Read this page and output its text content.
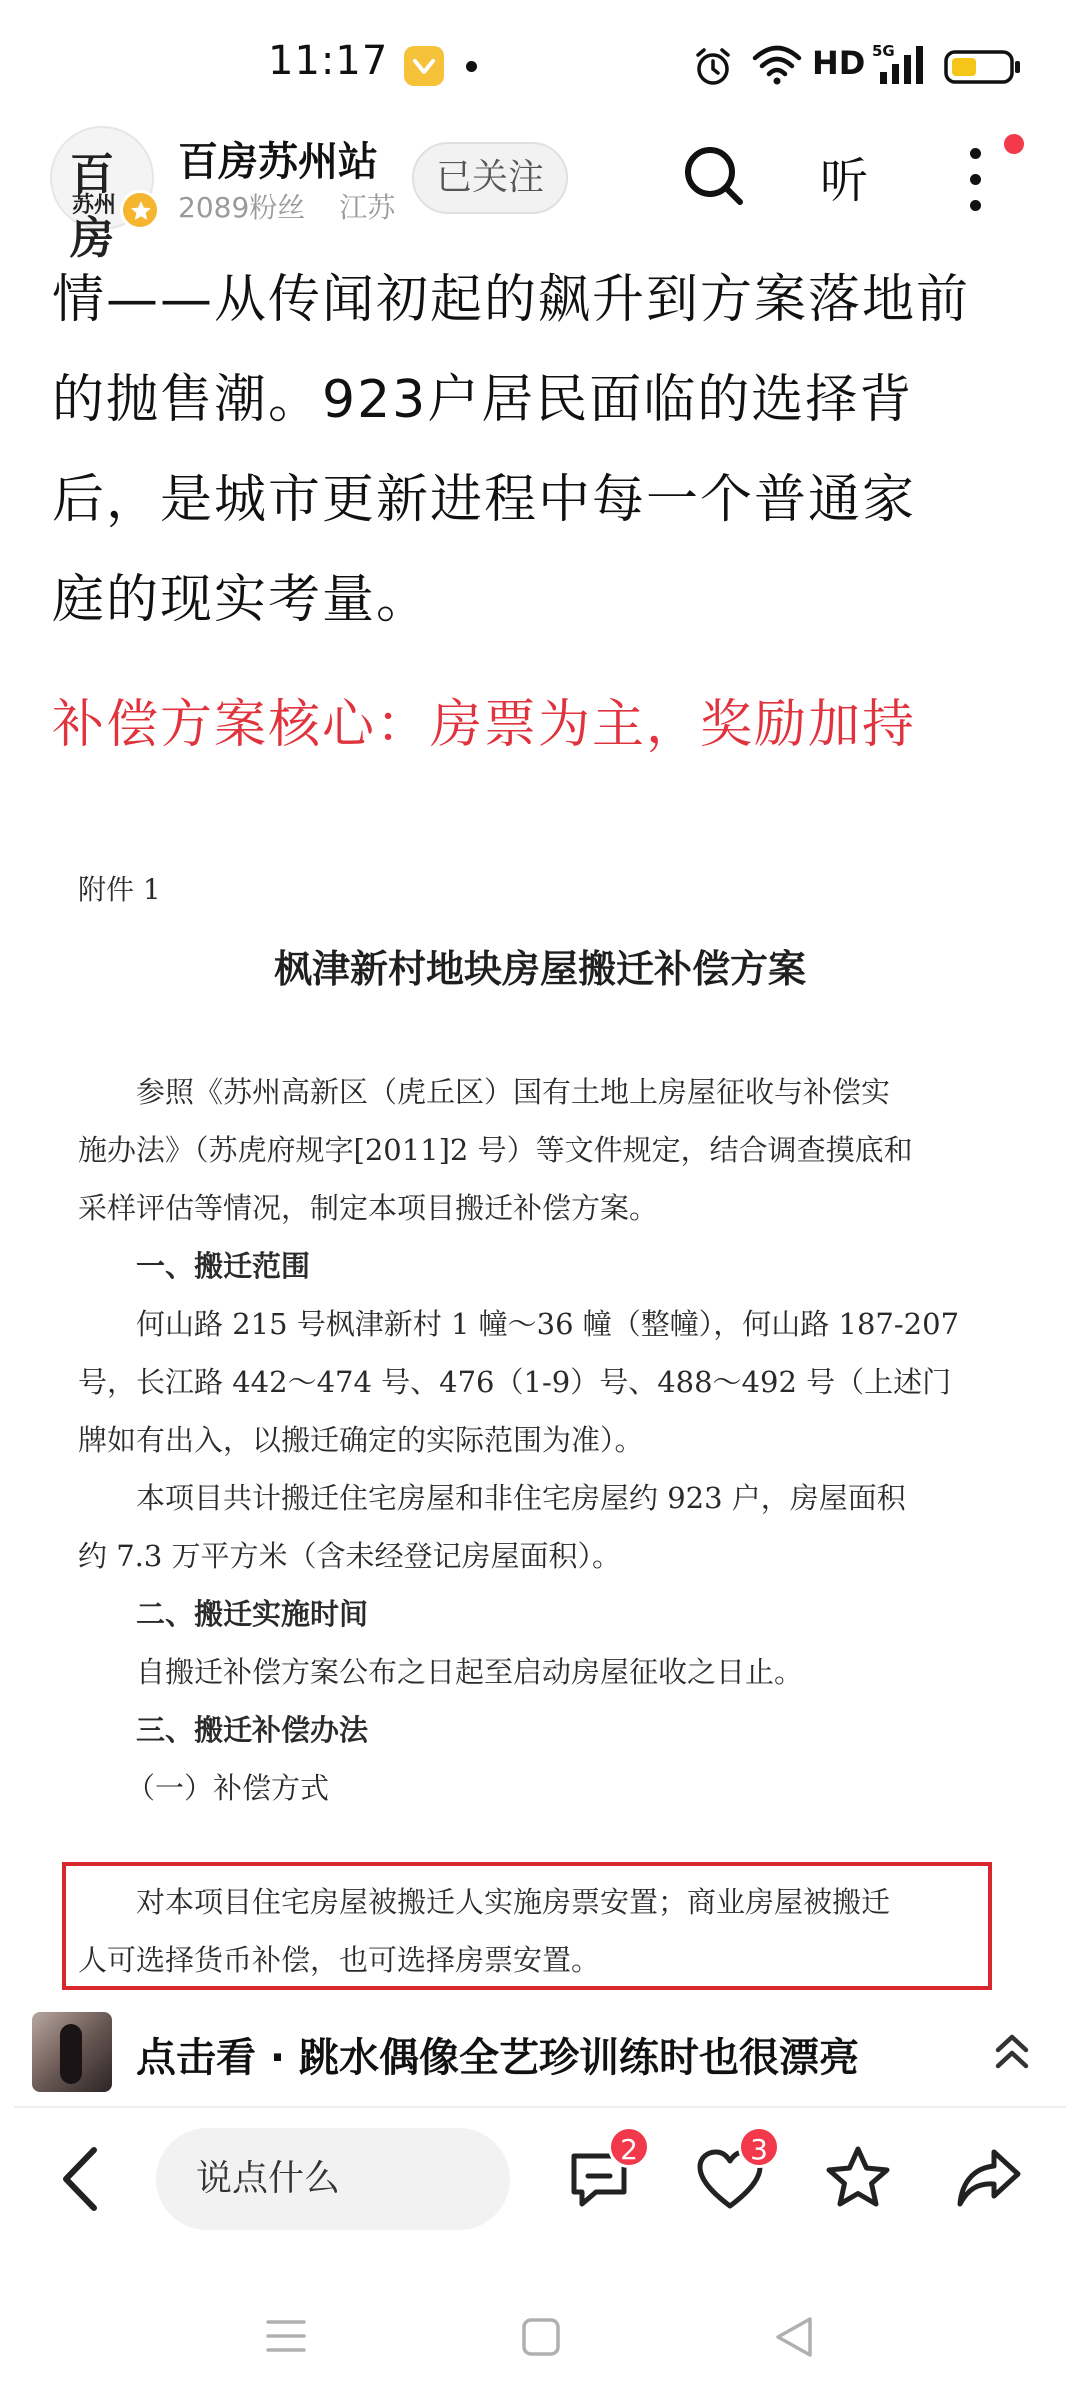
11:17	HD 5G
百房
苏州
百房苏州站
2089粉丝 江苏
已关注	听

情——从传闻初起的飙升到方案落地前

的抛售潮。923户居民面临的选择背

后，是城市更新进程中每一个普通家

庭的现实考量。

补偿方案核心：房票为主，奖励加持
附件 1
枫津新村地块房屋搬迁补偿方案
参照《苏州高新区（虎丘区）国有土地上房屋征收与补偿实
施办法》（苏虎府规字[2011]2 号）等文件规定，结合调查摸底和
采样评估等情况，制定本项目搬迁补偿方案。
一、搬迁范围
何山路 215 号枫津新村 1 幢～36 幢（整幢），何山路 187-207
号，长江路 442～474 号、476（1-9）号、488～492 号（上述门
牌如有出入，以搬迁确定的实际范围为准）。
本项目共计搬迁住宅房屋和非住宅房屋约 923 户，房屋面积
约 7.3 万平方米（含未经登记房屋面积）。
二、搬迁实施时间
自搬迁补偿方案公布之日起至启动房屋征收之日止。
三、搬迁补偿办法
（一）补偿方式
对本项目住宅房屋被搬迁人实施房票安置；商业房屋被搬迁
人可选择货币补偿，也可选择房票安置。
点击看 · 跳水偶像全艺珍训练时也很漂亮
说点什么
2	3
